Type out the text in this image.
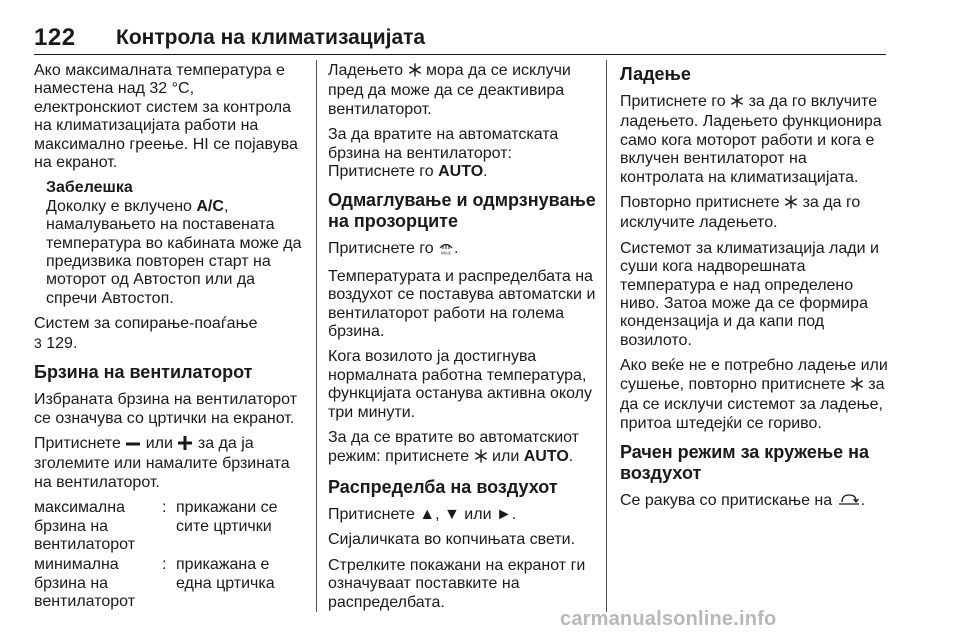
122 Контрола на климатизацијата

Ако максималната температура е наместена над 32 °C, електронскиот систем за контрола на климатизацијата работи на максимално греење. HI се појавува на екранот.

Забелешка
Доколку е вклучено A/C, намалувањето на поставената температура во кабината може да предизвика повторен старт на моторот од Автостоп или да спречи Автостоп.

Систем за сопирање-поаѓање
3 129.

Брзина на вентилаторот

Избраната брзина на вентилаторот се означува со цртички на екранот.

Притиснете  или  за да ја зголемите или намалите брзината на вентилаторот.

максимална брзина на вентилаторот
: прикажани се сите цртички
минимална брзина на вентилаторот
: прикажана е една цртичка

Ладењето  мора да се исклучи пред да може да се деактивира вентилаторот.

За да вратите на автоматската брзина на вентилаторот:
Притиснете го AUTO.

Одмаглување и одмрзнување на прозорците

Притиснете го MAX .

Температурата и распределбата на воздухот се поставува автоматски и вентилаторот работи на голема брзина.

Кога возилото ја достигнува нормалната работна температура, функцијата останува активна околу три минути.

За да се вратите во автоматскиот режим: притиснете  или AUTO.

Распределба на воздухот

Притиснете ▲, ▼ или ►.

Сијаличката во копчињата свети.

Стрелките покажани на екранот ги означуваат поставките на распределбата.

Ладење

Притиснете го  за да го вклучите ладењето. Ладењето функционира само кога моторот работи и кога е вклучен вентилаторот на контролата на климатизацијата.

Повторно притиснете  за да го исклучите ладењето.

Системот за климатизација лади и суши кога надворешната температура е над определено ниво. Затоа може да се формира кондензација и да капи под возилото.

Ако веќе не е потребно ладење или сушење, повторно притиснете  за да се исклучи системот за ладење, притоа штедејќи се гориво.

Рачен режим за кружење на воздухот

Се ракува со притискање на .

carmanualsonline.info
